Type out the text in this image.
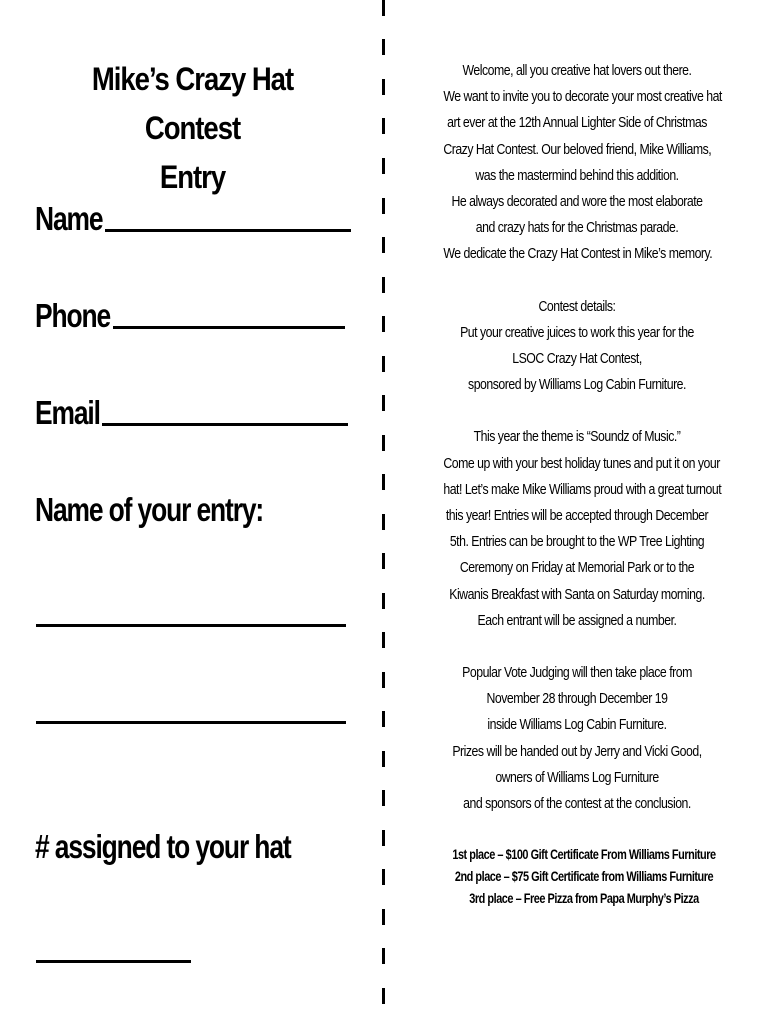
Mike’s Crazy Hat Contest
Entry
Name
Phone
Email
Name of your entry:
# assigned to your hat
Welcome, all you creative hat lovers out there.
We want to invite you to decorate your most creative hat
art ever at the 12th Annual Lighter Side of Christmas
Crazy Hat Contest. Our beloved friend, Mike Williams,
was the mastermind behind this addition.
He always decorated and wore the most elaborate
and crazy hats for the Christmas parade.
We dedicate the Crazy Hat Contest in Mike’s memory.
Contest details:
Put your creative juices to work this year for the
LSOC Crazy Hat Contest,
sponsored by Williams Log Cabin Furniture.
This year the theme is “Soundz of Music.”
Come up with your best holiday tunes and put it on your
hat! Let’s make Mike Williams proud with a great turnout
this year! Entries will be accepted through December
5th. Entries can be brought to the WP Tree Lighting
Ceremony on Friday at Memorial Park or to the
Kiwanis Breakfast with Santa on Saturday morning.
Each entrant will be assigned a number.
Popular Vote Judging will then take place from
November 28 through December 19
inside Williams Log Cabin Furniture.
Prizes will be handed out by Jerry and Vicki Good,
owners of Williams Log Furniture
and sponsors of the contest at the conclusion.
1st place – $100 Gift Certificate From Williams Furniture
2nd place – $75 Gift Certificate from Williams Furniture
3rd place – Free Pizza from Papa Murphy’s Pizza
